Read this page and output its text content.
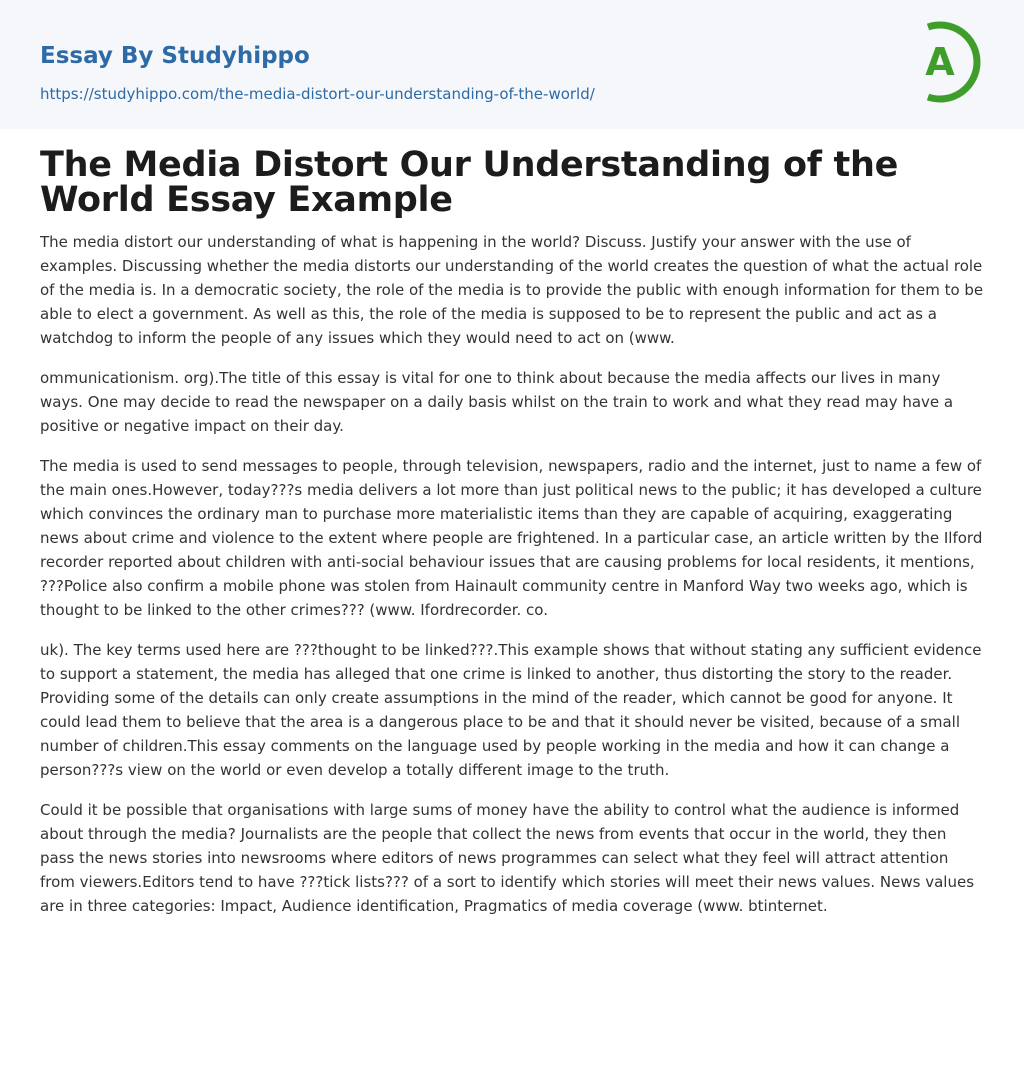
Essay By Studyhippo
https://studyhippo.com/the-media-distort-our-understanding-of-the-world/
A
The Media Distort Our Understanding of the World Essay Example

The media distort our understanding of what is happening in the world? Discuss. Justify your answer with the use of examples. Discussing whether the media distorts our understanding of the world creates the question of what the actual role of the media is. In a democratic society, the role of the media is to provide the public with enough information for them to be able to elect a government. As well as this, the role of the media is supposed to be to represent the public and act as a watchdog to inform the people of any issues which they would need to act on (www.

ommunicationism. org).The title of this essay is vital for one to think about because the media affects our lives in many ways. One may decide to read the newspaper on a daily basis whilst on the train to work and what they read may have a positive or negative impact on their day.

The media is used to send messages to people, through television, newspapers, radio and the internet, just to name a few of the main ones.However, today???s media delivers a lot more than just political news to the public; it has developed a culture which convinces the ordinary man to purchase more materialistic items than they are capable of acquiring, exaggerating news about crime and violence to the extent where people are frightened. In a particular case, an article written by the Ilford recorder reported about children with anti-social behaviour issues that are causing problems for local residents, it mentions, ???Police also confirm a mobile phone was stolen from Hainault community centre in Manford Way two weeks ago, which is thought to be linked to the other crimes??? (www. Ifordrecorder. co.

uk). The key terms used here are ???thought to be linked???.This example shows that without stating any sufficient evidence to support a statement, the media has alleged that one crime is linked to another, thus distorting the story to the reader. Providing some of the details can only create assumptions in the mind of the reader, which cannot be good for anyone. It could lead them to believe that the area is a dangerous place to be and that it should never be visited, because of a small number of children.This essay comments on the language used by people working in the media and how it can change a person???s view on the world or even develop a totally different image to the truth.

Could it be possible that organisations with large sums of money have the ability to control what the audience is informed about through the media? Journalists are the people that collect the news from events that occur in the world, they then pass the news stories into newsrooms where editors of news programmes can select what they feel will attract attention from viewers.Editors tend to have ???tick lists??? of a sort to identify which stories will meet their news values. News values are in three categories: Impact, Audience identification, Pragmatics of media coverage (www. btinternet.
